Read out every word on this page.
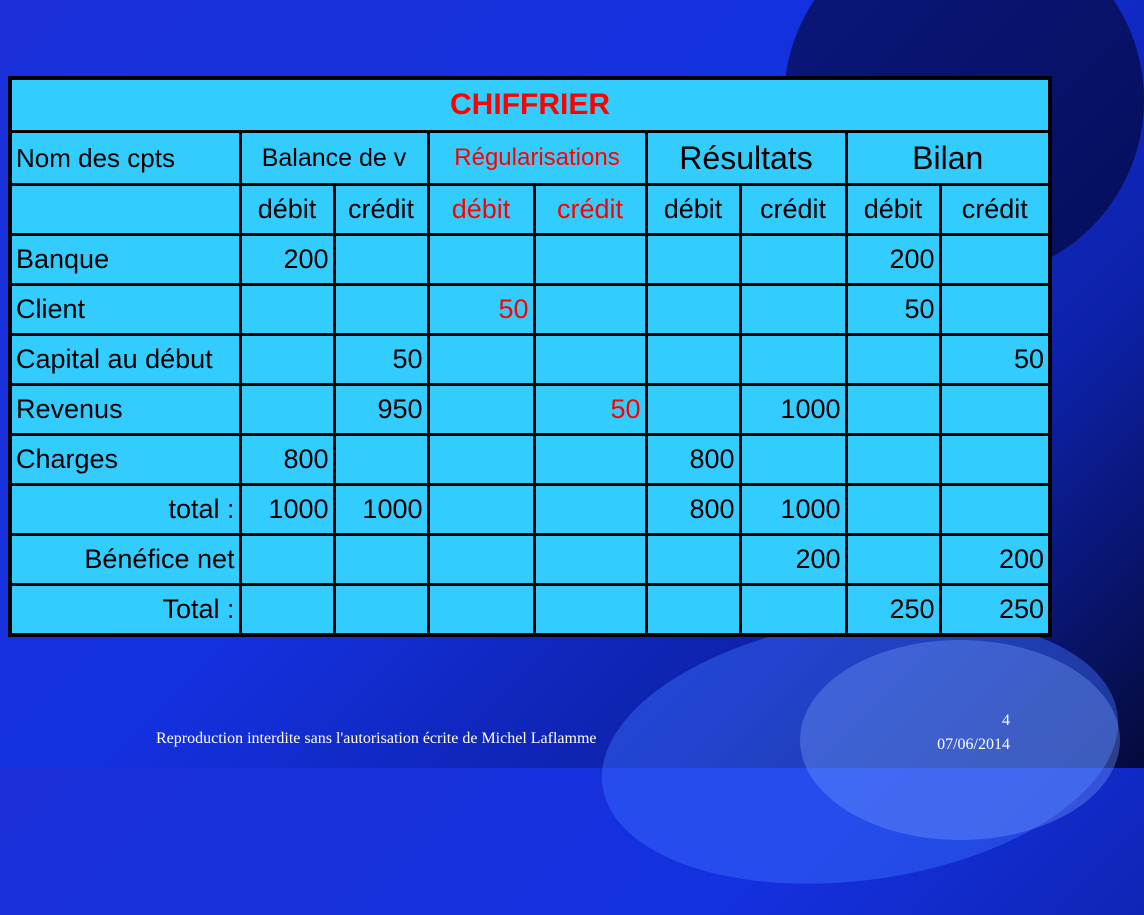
CHIFFRIER								
Nom des cpts	Balance de v		Régularisations		Résultats		Bilan	
	débit	crédit	débit	crédit	débit	crédit	débit	crédit
Banque	200						200	
Client			50				50	
Capital au début		50						50
Revenus		950		50		1000		
Charges	800				800			
total :	1000	1000			800	1000		
Bénéfice net						200		200
Total :							250	250
Reproduction interdite sans l'autorisation écrite de Michel Laflamme
4
07/06/2014
